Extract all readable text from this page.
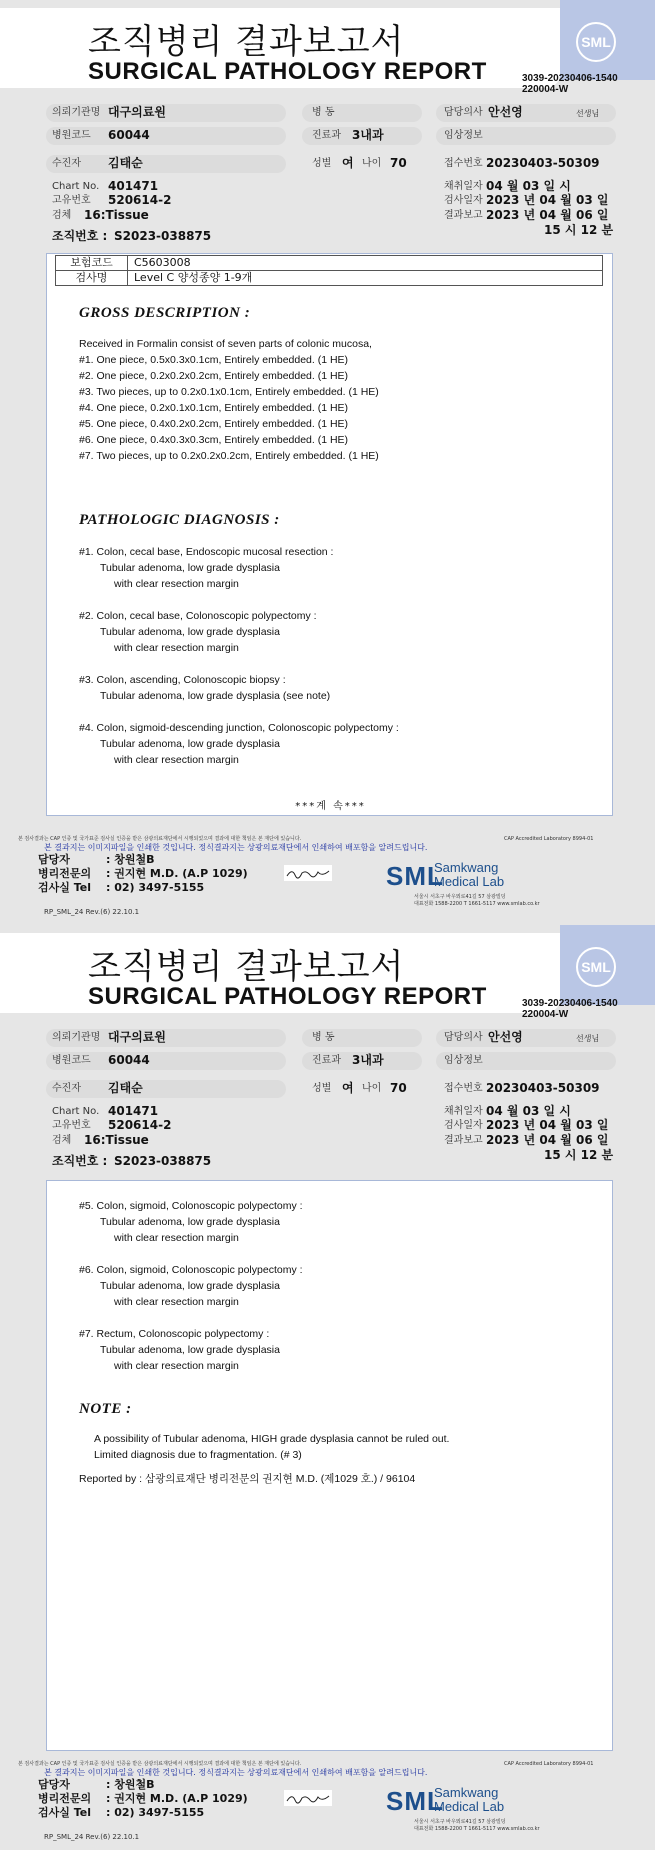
조직병리 결과보고서
SURGICAL PATHOLOGY REPORT
SML
3039-20230406-1540
220004-W
의뢰기관명 대구의료원	병 동	담당의사 안선영	선생님
병원코드 60044	진료과 3내과	임상정보
수진자 김태순	성별 여 나이 70	접수번호 20230403-50309
Chart No. 401471	채취일자 04 월 03 일 시
고유번호 520614-2	검사일자 2023 년 04 월 03 일
검체 16:Tissue	결과보고 2023 년 04 월 06 일
15 시 12 분
조직번호 : S2023-038875
보험코드	C5603008
검사명	Level C 양성종양 1-9개
GROSS DESCRIPTION :
Received in Formalin consist of seven parts of colonic mucosa,
#1. One piece, 0.5x0.3x0.1cm, Entirely embedded. (1 HE)
#2. One piece, 0.2x0.2x0.2cm, Entirely embedded. (1 HE)
#3. Two pieces, up to 0.2x0.1x0.1cm, Entirely embedded. (1 HE)
#4. One piece, 0.2x0.1x0.1cm, Entirely embedded. (1 HE)
#5. One piece, 0.4x0.2x0.2cm, Entirely embedded. (1 HE)
#6. One piece, 0.4x0.3x0.3cm, Entirely embedded. (1 HE)
#7. Two pieces, up to 0.2x0.2x0.2cm, Entirely embedded. (1 HE)
PATHOLOGIC DIAGNOSIS :
#1. Colon, cecal base, Endoscopic mucosal resection :
Tubular adenoma, low grade dysplasia
with clear resection margin
#2. Colon, cecal base, Colonoscopic polypectomy :
Tubular adenoma, low grade dysplasia
with clear resection margin
#3. Colon, ascending, Colonoscopic biopsy :
Tubular adenoma, low grade dysplasia (see note)
#4. Colon, sigmoid-descending junction, Colonoscopic polypectomy :
Tubular adenoma, low grade dysplasia
with clear resection margin
***계 속***
본 검사결과는 CAP 인증 및 국가표준 검사실 인증을 받은 삼광의료재단에서 시행되었으며 결과에 대한 책임은 본 재단에 있습니다.	CAP Accredited Laboratory 8994-01
본 결과지는 이미지파일을 인쇄한 것입니다. 정식결과지는 상광의료재단에서 인쇄하여 배포함을 알려드립니다.
담당자	: 창원철B
병리전문의 : 권지현 M.D. (A.P 1029)
검사실 Tel : 02) 3497-5155	SML
Samkwang
Medical Lab
서울시 서초구 바우뫼로41길 57 삼광빌딩
대표전화 1588-2200 T 1661-5117 www.smlab.co.kr
RP_SML_24 Rev.(6) 22.10.1
조직병리 결과보고서
SURGICAL PATHOLOGY REPORT
SML
3039-20230406-1540
220004-W
의뢰기관명 대구의료원	병 동	담당의사 안선영	선생님
병원코드 60044	진료과 3내과	임상정보
수진자 김태순	성별 여 나이 70	접수번호 20230403-50309
Chart No. 401471	채취일자 04 월 03 일 시
고유번호 520614-2	검사일자 2023 년 04 월 03 일
검체 16:Tissue	결과보고 2023 년 04 월 06 일
15 시 12 분
조직번호 : S2023-038875
#5. Colon, sigmoid, Colonoscopic polypectomy :
Tubular adenoma, low grade dysplasia
with clear resection margin
#6. Colon, sigmoid, Colonoscopic polypectomy :
Tubular adenoma, low grade dysplasia
with clear resection margin
#7. Rectum, Colonoscopic polypectomy :
Tubular adenoma, low grade dysplasia
with clear resection margin
NOTE :
A possibility of Tubular adenoma, HIGH grade dysplasia cannot be ruled out.
Limited diagnosis due to fragmentation. (# 3)
Reported by : 삼광의료재단 병리전문의 권지현 M.D. (제1029 호.) / 96104
본 검사결과는 CAP 인증 및 국가표준 검사실 인증을 받은 삼광의료재단에서 시행되었으며 결과에 대한 책임은 본 재단에 있습니다.	CAP Accredited Laboratory 8994-01
본 결과지는 이미지파일을 인쇄한 것입니다. 정식결과지는 상광의료재단에서 인쇄하여 배포함을 알려드립니다.
담당자	: 창원철B
병리전문의 : 권지현 M.D. (A.P 1029)
검사실 Tel : 02) 3497-5155	SML
Samkwang
Medical Lab
서울시 서초구 바우뫼로41길 57 삼광빌딩
대표전화 1588-2200 T 1661-5117 www.smlab.co.kr
RP_SML_24 Rev.(6) 22.10.1
